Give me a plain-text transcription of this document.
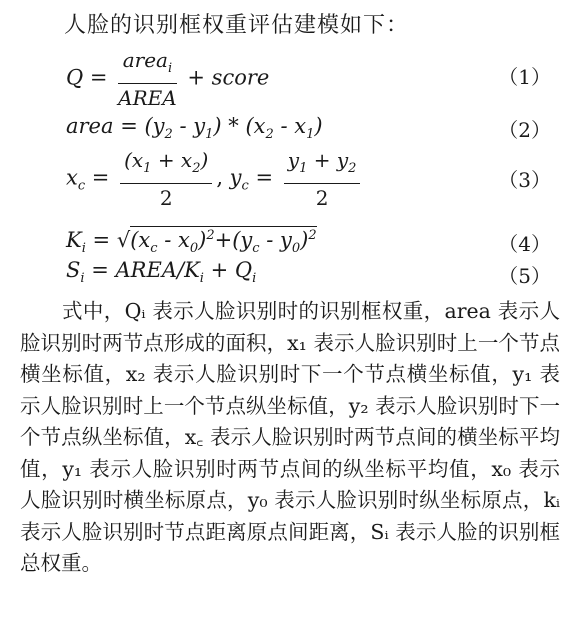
人脸的识别框权重评估建模如下：
$Q = \frac{area_i}{\text{AREA}}$ + score	（1）
area = $(y_2 - y_1) * (x_2 - x_1)$	（2）
$x_c = \frac{(x_1 + x_2)}{2}$ , $y_c = \frac{y_1 + y_2}{2}$	（3）
$K_i = √(x_c - x_0)^2+(y_c - y_0)^2$	（4）
$S_i$ = AREA/$K_i + Q_i$	（5）

式中，Qᵢ 表示人脸识别时的识别框权重，area 表示人脸识别时两节点形成的面积，x₁ 表示人脸识别时上一个节点横坐标值，x₂ 表示人脸识别时下一个节点横坐标值，y₁ 表示人脸识别时上一个节点纵坐标值，y₂ 表示人脸识别时下一个节点纵坐标值，x꜀ 表示人脸识别时两节点间的横坐标平均值，y₁ 表示人脸识别时两节点间的纵坐标平均值，x₀ 表示人脸识别时横坐标原点，y₀ 表示人脸识别时纵坐标原点，kᵢ 表示人脸识别时节点距离原点间距离，Sᵢ 表示人脸的识别框总权重。
